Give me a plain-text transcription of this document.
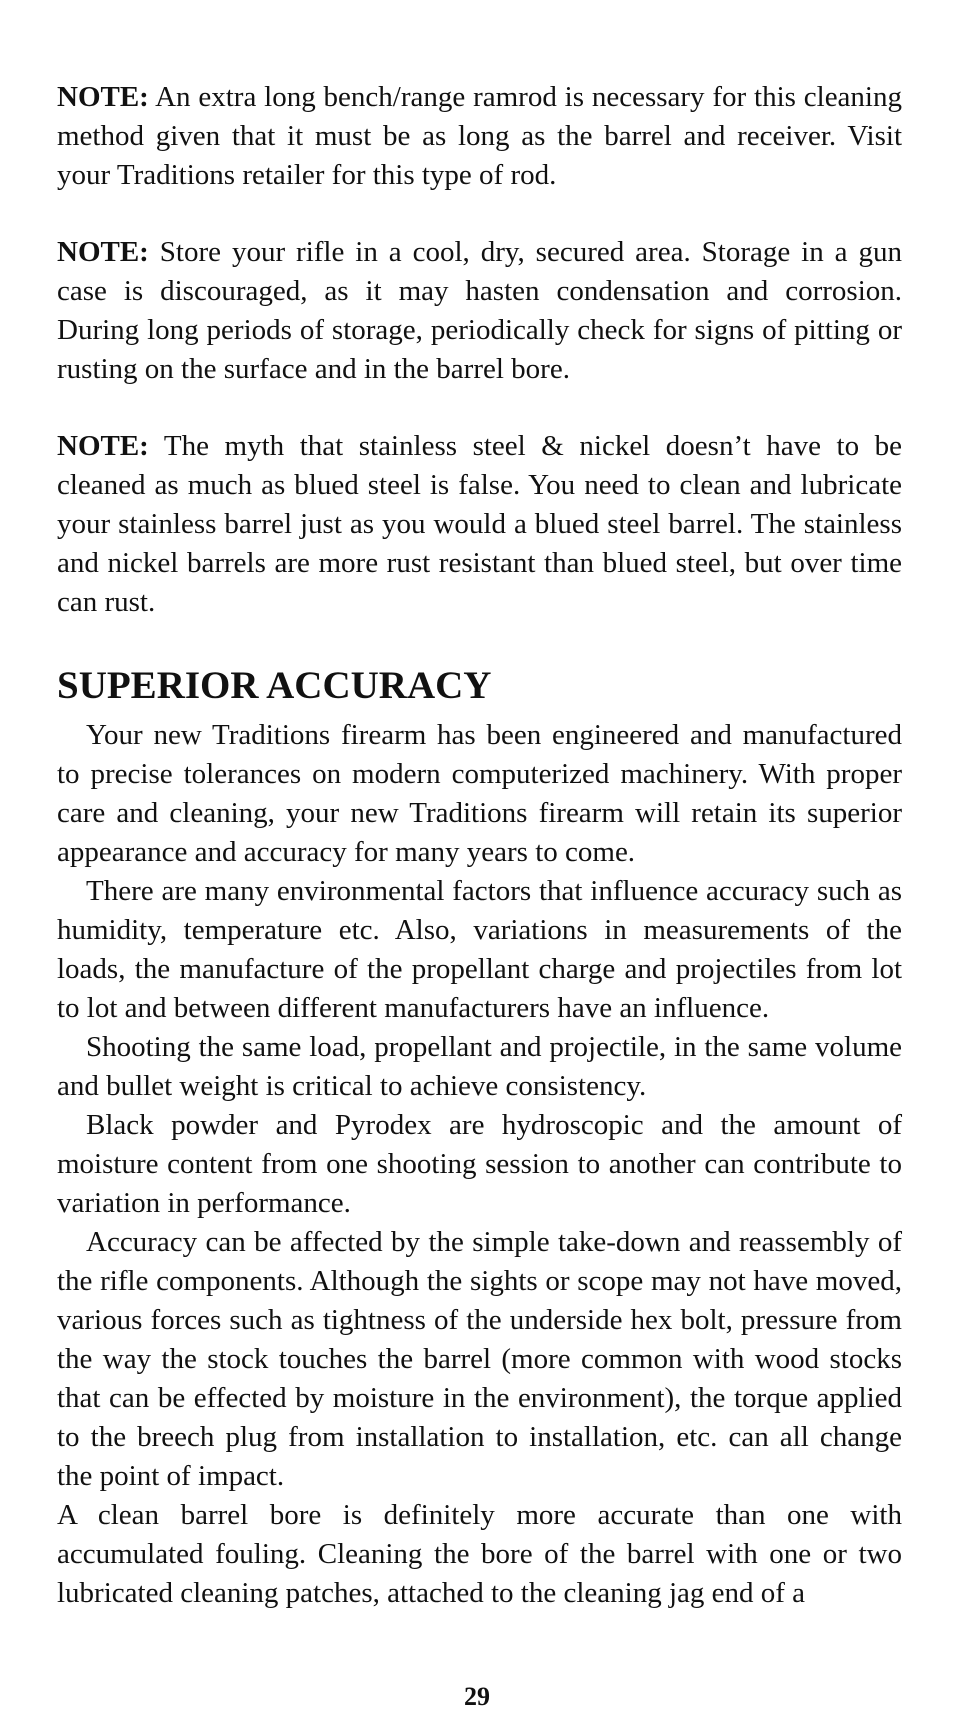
NOTE: An extra long bench/range ramrod is necessary for this cleaning method given that it must be as long as the barrel and receiver. Visit your Traditions retailer for this type of rod.

NOTE: Store your rifle in a cool, dry, secured area. Storage in a gun case is discouraged, as it may hasten condensation and corrosion. During long periods of storage, periodically check for signs of pitting or rusting on the surface and in the barrel bore.

NOTE: The myth that stainless steel & nickel doesn’t have to be cleaned as much as blued steel is false. You need to clean and lubricate your stainless barrel just as you would a blued steel barrel. The stainless and nickel barrels are more rust resistant than blued steel, but over time can rust.

SUPERIOR ACCURACY

Your new Traditions firearm has been engineered and manufactured to precise tolerances on modern computerized machinery. With proper care and cleaning, your new Traditions firearm will retain its superior appearance and accuracy for many years to come.

There are many environmental factors that influence accuracy such as humidity, temperature etc. Also, variations in measurements of the loads, the manufacture of the propellant charge and projectiles from lot to lot and between different manufacturers have an influence.

Shooting the same load, propellant and projectile, in the same volume and bullet weight is critical to achieve consistency.

Black powder and Pyrodex are hydroscopic and the amount of moisture content from one shooting session to another can contribute to variation in performance.

Accuracy can be affected by the simple take-down and reassembly of the rifle components. Although the sights or scope may not have moved, various forces such as tightness of the underside hex bolt, pressure from the way the stock touches the barrel (more common with wood stocks that can be effected by moisture in the environment), the torque applied to the breech plug from installation to installation, etc. can all change the point of impact.

A clean barrel bore is definitely more accurate than one with accumulated fouling. Cleaning the bore of the barrel with one or two lubricated cleaning patches, attached to the cleaning jag end of a

29
